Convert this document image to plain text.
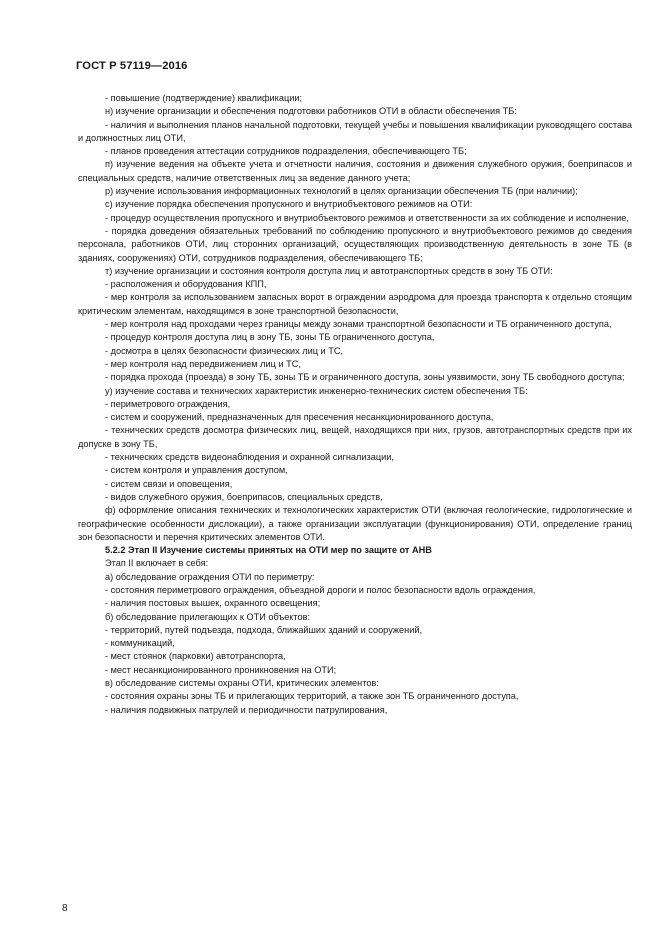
ГОСТ Р 57119—2016

- повышение (подтверждение) квалификации;

н) изучение организации и обеспечения подготовки работников ОТИ в области обеспечения ТБ:

- наличия и выполнения планов начальной подготовки, текущей учебы и повышения квалификации руководящего состава и должностных лиц ОТИ,

- планов проведения аттестации сотрудников подразделения, обеспечивающего ТБ;

п) изучение ведения на объекте учета и отчетности наличия, состояния и движения служебного оружия, боеприпасов и специальных средств, наличие ответственных лиц за ведение данного учета;

р) изучение использования информационных технологий в целях организации обеспечения ТБ (при наличии);

с) изучение порядка обеспечения пропускного и внутриобъектового режимов на ОТИ:

- процедур осуществления пропускного и внутриобъектового режимов и ответственности за их соблюдение и исполнение,

- порядка доведения обязательных требований по соблюдению пропускного и внутриобъектового режимов до сведения персонала, работников ОТИ, лиц сторонних организаций, осуществляющих производственную деятельность в зоне ТБ (в зданиях, сооружениях) ОТИ, сотрудников подразделения, обеспечивающего ТБ;

т) изучение организации и состояния контроля доступа лиц и автотранспортных средств в зону ТБ ОТИ:

- расположения и оборудования КПП,

- мер контроля за использованием запасных ворот в ограждении аэродрома для проезда транспорта к отдельно стоящим критическим элементам, находящимся в зоне транспортной безопасности,

- мер контроля над проходами через границы между зонами транспортной безопасности и ТБ ограниченного доступа,

- процедур контроля доступа лиц в зону ТБ, зоны ТБ ограниченного доступа,

- досмотра в целях безопасности физических лиц и ТС,

- мер контроля над передвижением лиц и ТС,

- порядка прохода (проезда) в зону ТБ, зоны ТБ и ограниченного доступа, зоны уязвимости, зону ТБ свободного доступа;

у) изучение состава и технических характеристик инженерно-технических систем обеспечения ТБ:

- периметрового ограждения,

- систем и сооружений, предназначенных для пресечения несанкционированного доступа,

- технических средств досмотра физических лиц, вещей, находящихся при них, грузов, автотранспортных средств при их допуске в зону ТБ,

- технических средств видеонаблюдения и охранной сигнализации,

- систем контроля и управления доступом,

- систем связи и оповещения,

- видов служебного оружия, боеприпасов, специальных средств,

ф) оформление описания технических и технологических характеристик ОТИ (включая геологические, гидрологические и географические особенности дислокации), а также организации эксплуатации (функционирования) ОТИ, определение границ зон безопасности и перечня критических элементов ОТИ.

5.2.2 Этап II Изучение системы принятых на ОТИ мер по защите от АНВ

Этап II включает в себя:

а) обследование ограждения ОТИ по периметру:

- состояния периметрового ограждения, объездной дороги и полос безопасности вдоль ограждения,

- наличия постовых вышек, охранного освещения;

б) обследование прилегающих к ОТИ объектов:

- территорий, путей подъезда, подхода, ближайших зданий и сооружений,

- коммуникаций,

- мест стоянок (парковки) автотранспорта,

- мест несанкционированного проникновения на ОТИ;

в) обследование системы охраны ОТИ, критических элементов:

- состояния охраны зоны ТБ и прилегающих территорий, а также зон ТБ ограниченного доступа,

- наличия подвижных патрулей и периодичности патрулирования,

8
